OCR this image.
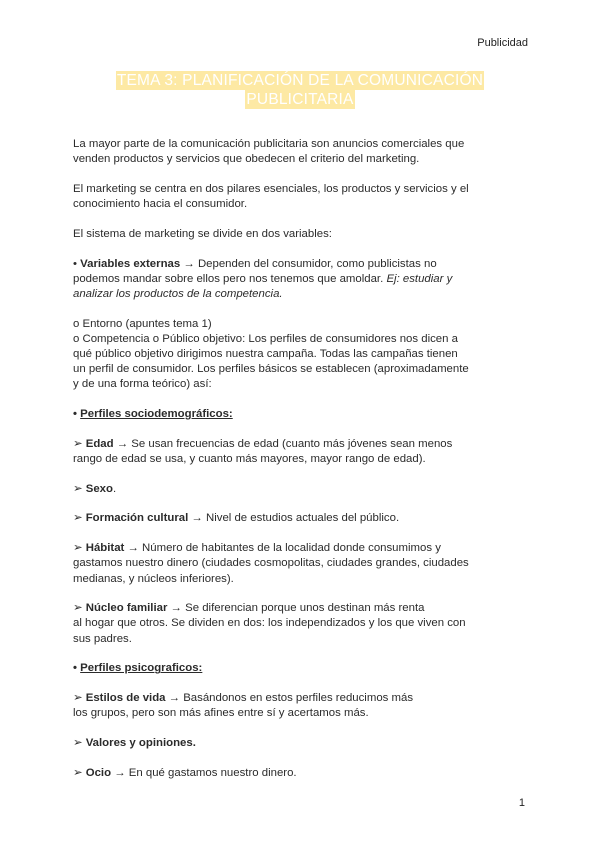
Publicidad
TEMA 3: PLANIFICACIÓN DE LA COMUNICACIÓN
PUBLICITARIA

La mayor parte de la comunicación publicitaria son anuncios comerciales que
venden productos y servicios que obedecen el criterio del marketing.

El marketing se centra en dos pilares esenciales, los productos y servicios y el
conocimiento hacia el consumidor.

El sistema de marketing se divide en dos variables:

• Variables externas → Dependen del consumidor, como publicistas no
podemos mandar sobre ellos pero nos tenemos que amoldar. Ej: estudiar y
analizar los productos de la competencia.

o Entorno (apuntes tema 1)
o Competencia o Público objetivo: Los perfiles de consumidores nos dicen a
qué público objetivo dirigimos nuestra campaña. Todas las campañas tienen
un perfil de consumidor. Los perfiles básicos se establecen (aproximadamente
y de una forma teórico) así:

• Perfiles sociodemográficos:

➢ Edad → Se usan frecuencias de edad (cuanto más jóvenes sean menos
rango de edad se usa, y cuanto más mayores, mayor rango de edad).

➢ Sexo.

➢ Formación cultural → Nivel de estudios actuales del público.

➢ Hábitat → Número de habitantes de la localidad donde consumimos y
gastamos nuestro dinero (ciudades cosmopolitas, ciudades grandes, ciudades
medianas, y núcleos inferiores).

➢ Núcleo familiar → Se diferencian porque unos destinan más renta
al hogar que otros. Se dividen en dos: los independizados y los que viven con
sus padres.

• Perfiles psicograficos:

➢ Estilos de vida → Basándonos en estos perfiles reducimos más
los grupos, pero son más afines entre sí y acertamos más.

➢ Valores y opiniones.

➢ Ocio → En qué gastamos nuestro dinero.

1
